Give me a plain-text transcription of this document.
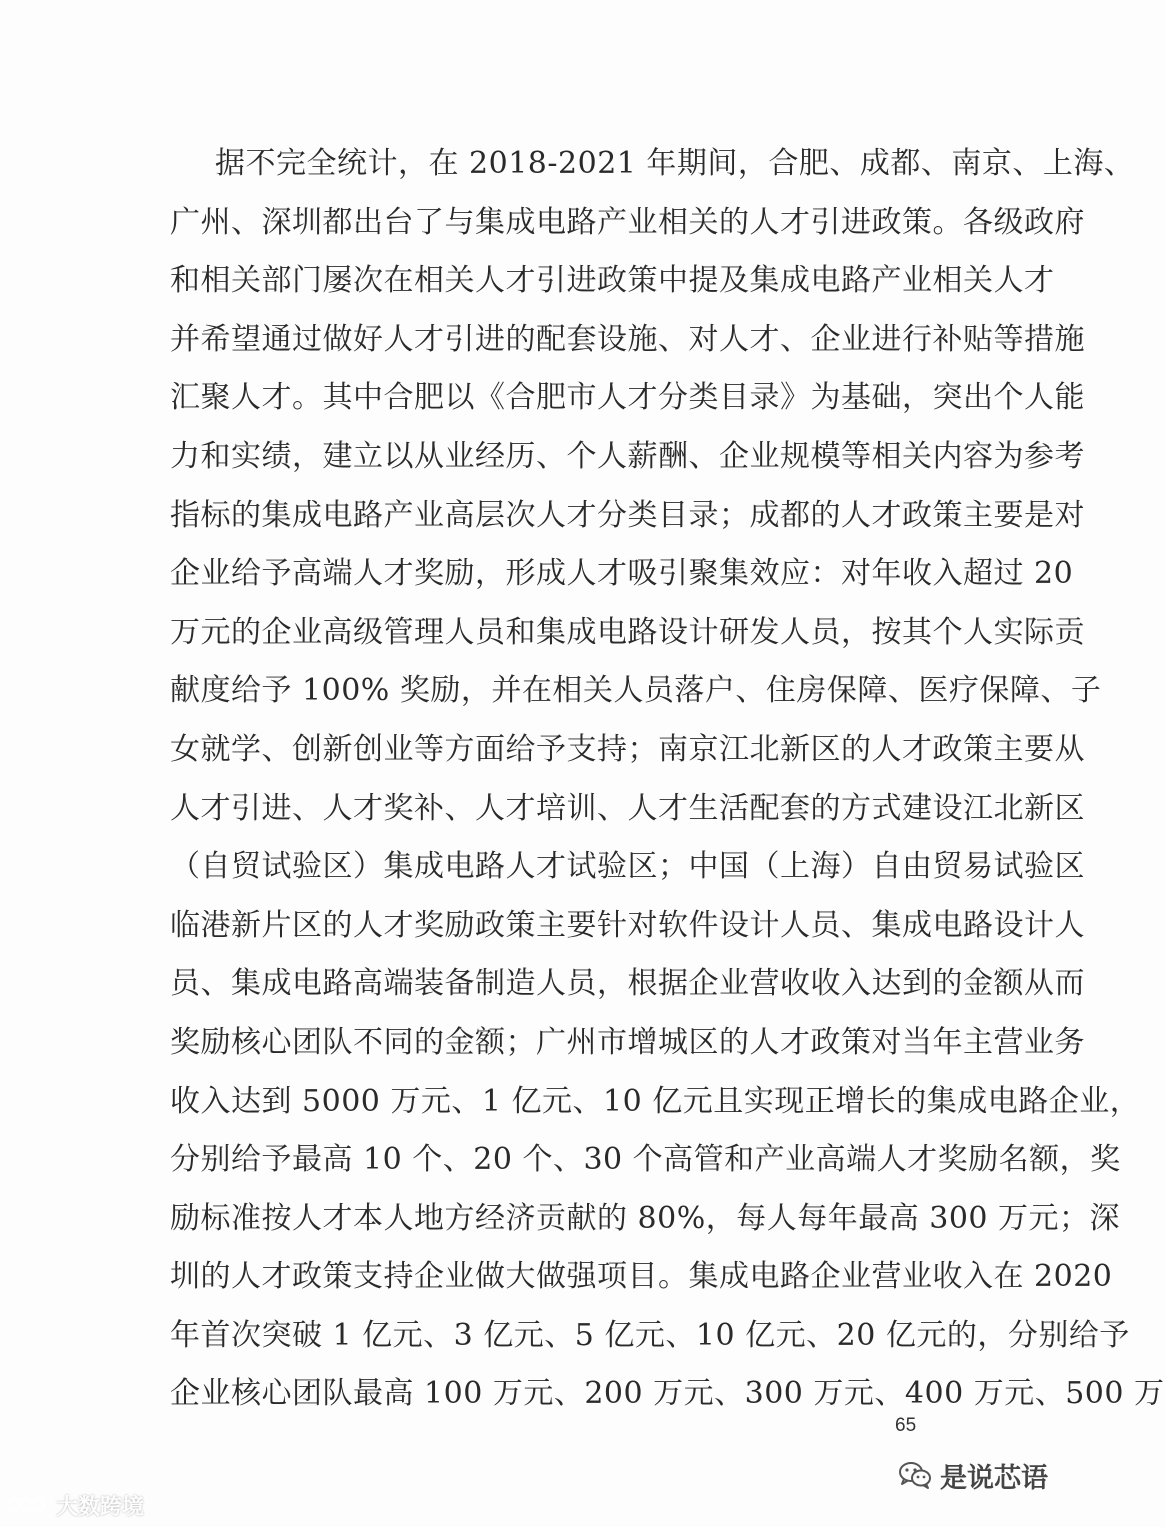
据不完全统计，在 2018-2021 年期间，合肥、成都、南京、上海、
广州、深圳都出台了与集成电路产业相关的人才引进政策。各级政府
和相关部门屡次在相关人才引进政策中提及集成电路产业相关人才
并希望通过做好人才引进的配套设施、对人才、企业进行补贴等措施
汇聚人才。其中合肥以《合肥市人才分类目录》为基础，突出个人能
力和实绩，建立以从业经历、个人薪酬、企业规模等相关内容为参考
指标的集成电路产业高层次人才分类目录；成都的人才政策主要是对
企业给予高端人才奖励，形成人才吸引聚集效应：对年收入超过 20
万元的企业高级管理人员和集成电路设计研发人员，按其个人实际贡
献度给予 100% 奖励，并在相关人员落户、住房保障、医疗保障、子
女就学、创新创业等方面给予支持；南京江北新区的人才政策主要从
人才引进、人才奖补、人才培训、人才生活配套的方式建设江北新区
（自贸试验区）集成电路人才试验区；中国（上海）自由贸易试验区
临港新片区的人才奖励政策主要针对软件设计人员、集成电路设计人
员、集成电路高端装备制造人员，根据企业营收收入达到的金额从而
奖励核心团队不同的金额；广州市增城区的人才政策对当年主营业务
收入达到 5000 万元、1 亿元、10 亿元且实现正增长的集成电路企业，
分别给予最高 10 个、20 个、30 个高管和产业高端人才奖励名额，奖
励标准按人才本人地方经济贡献的 80%，每人每年最高 300 万元；深
圳的人才政策支持企业做大做强项目。集成电路企业营业收入在 2020
年首次突破 1 亿元、3 亿元、5 亿元、10 亿元、20 亿元的，分别给予
企业核心团队最高 100 万元、200 万元、300 万元、400 万元、500 万
65
是说芯语
大数跨境
